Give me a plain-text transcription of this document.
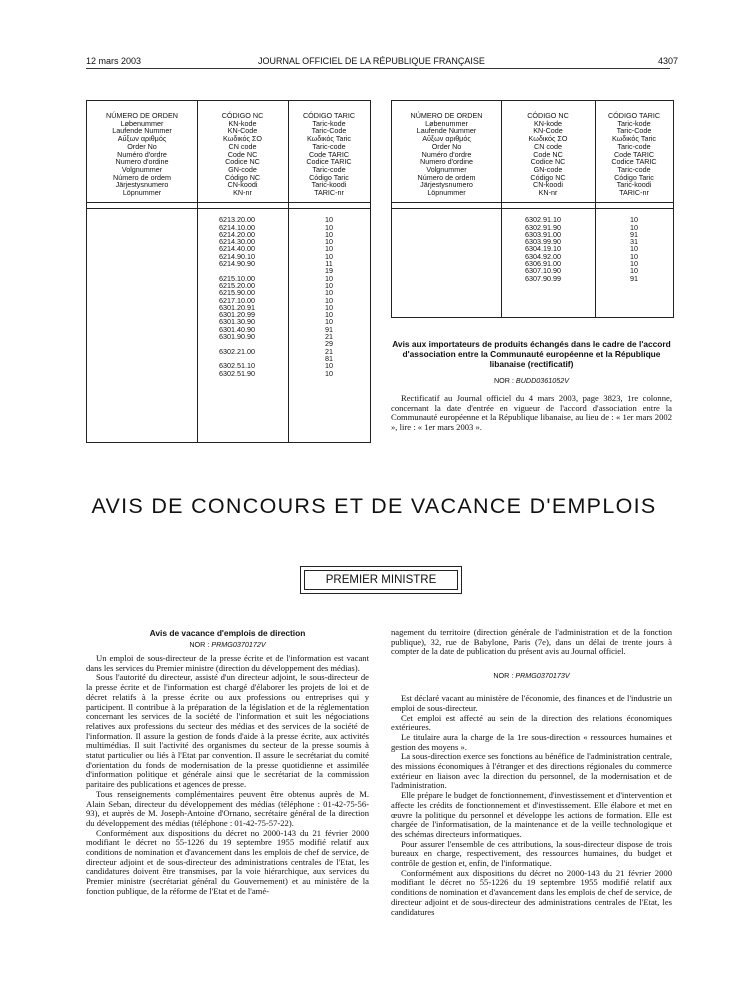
12 mars 2003	JOURNAL OFFICIEL DE LA RÉPUBLIQUE FRANÇAISE	4307
NÚMERO DE ORDEN
Løbenummer
Laufende Nummer
Αὔξων αριθμός
Order No
Numéro d'ordre
Numero d'ordine
Volgnummer
Número de ordem
Järjestysnumero
Löpnummer
CÓDIGO NC
KN-kode
KN-Code
Κωδικός ΣΟ
CN code
Code NC
Codice NC
GN-code
Código NC
CN-koodi
KN-nr
CÓDIGO TARIC
Taric-kode
Taric-Code
Κωδικός Taric
Taric-code
Code TARIC
Codice TARIC
Taric-code
Código Taric
Taric-koodi
TARIC-nr
6213.20.00
6214.10.00
6214.20.00
6214.30.00
6214.40.00
6214.90.10
6214.90.90
6215.10.00
6215.20.00
6215.90.00
6217.10.00
6301.20.91
6301.20.99
6301.30.90
6301.40.90
6301.90.90
6302.21.00
6302.51.10
6302.51.90
10
10
10
10
10
10
11
19
10
10
10
10
10
10
10
91
21
29
21
81
10
10
NÚMERO DE ORDEN
Løbenummer
Laufende Nummer
Αὔξων αριθμός
Order No
Numéro d'ordre
Numero d'ordine
Volgnummer
Número de ordem
Järjestysnumero
Löpnummer
CÓDIGO NC
KN-kode
KN-Code
Κωδικός ΣΟ
CN code
Code NC
Codice NC
GN-code
Código NC
CN-koodi
KN-nr
CÓDIGO TARIC
Taric-kode
Taric-Code
Κωδικός Taric
Taric-code
Code TARIC
Codice TARIC
Taric-code
Código Taric
Taric-koodi
TARIC-nr
6302.91.10
6302.91.90
6303.91.00
6303.99.90
6304.19.10
6304.92.00
6306.91.00
6307.10.90
6307.90.99
10
10
91
31
10
10
10
10
91
Avis aux importateurs de produits échangés dans le cadre de l'accord d'association entre la Communauté européenne et la République libanaise (rectificatif)
NOR : BUDD0361052V

Rectificatif au Journal officiel du 4 mars 2003, page 3823, 1re colonne, concernant la date d'entrée en vigueur de l'accord d'association entre la Communauté européenne et la République libanaise, au lieu de : « 1er mars 2002 », lire : « 1er mars 2003 ».

AVIS DE CONCOURS ET DE VACANCE D'EMPLOIS
PREMIER MINISTRE
Avis de vacance d'emplois de direction
NOR : PRMG0370172V

Un emploi de sous-directeur de la presse écrite et de l'information est vacant dans les services du Premier ministre (direction du développement des médias).

Sous l'autorité du directeur, assisté d'un directeur adjoint, le sous-directeur de la presse écrite et de l'information est chargé d'élaborer les projets de loi et de décret relatifs à la presse écrite ou aux professions ou entreprises qui y participent. Il contribue à la préparation de la législation et de la réglementation concernant les services de la société de l'information et suit les négociations relatives aux professions du secteur des médias et des services de la société de l'information. Il assure la gestion de fonds d'aide à la presse écrite, aux activités multimédias. Il suit l'activité des organismes du secteur de la presse soumis à statut particulier ou liés à l'Etat par convention. Il assure le secrétariat du comité d'orientation du fonds de modernisation de la presse quotidienne et assimilée d'information politique et générale ainsi que le secrétariat de la commission paritaire des publications et agences de presse.

Tous renseignements complémentaires peuvent être obtenus auprès de M. Alain Seban, directeur du développement des médias (téléphone : 01-42-75-56-93), et auprès de M. Joseph-Antoine d'Ornano, secrétaire général de la direction du développement des médias (téléphone : 01-42-75-57-22).

Conformément aux dispositions du décret no 2000-143 du 21 février 2000 modifiant le décret no 55-1226 du 19 septembre 1955 modifié relatif aux conditions de nomination et d'avancement dans les emplois de chef de service, de directeur adjoint et de sous-directeur des administrations centrales de l'Etat, les candidatures doivent être transmises, par la voie hiérarchique, aux services du Premier ministre (secrétariat général du Gouvernement) et au ministère de la fonction publique, de la réforme de l'Etat et de l'amé-

nagement du territoire (direction générale de l'administration et de la fonction publique), 32, rue de Babylone, Paris (7e), dans un délai de trente jours à compter de la date de publication du présent avis au Journal officiel.

NOR : PRMG0370173V

Est déclaré vacant au ministère de l'économie, des finances et de l'industrie un emploi de sous-directeur.

Cet emploi est affecté au sein de la direction des relations économiques extérieures.

Le titulaire aura la charge de la 1re sous-direction « ressources humaines et gestion des moyens ».

La sous-direction exerce ses fonctions au bénéfice de l'administration centrale, des missions économiques à l'étranger et des directions régionales du commerce extérieur en liaison avec la direction du personnel, de la modernisation et de l'administration.

Elle prépare le budget de fonctionnement, d'investissement et d'intervention et affecte les crédits de fonctionnement et d'investissement. Elle élabore et met en œuvre la politique du personnel et développe les actions de formation. Elle est chargée de l'informatisation, de la maintenance et de la veille technologique et des schémas directeurs informatiques.

Pour assurer l'ensemble de ces attributions, la sous-directeur dispose de trois bureaux en charge, respectivement, des ressources humaines, du budget et contrôle de gestion et, enfin, de l'informatique.

Conformément aux dispositions du décret no 2000-143 du 21 février 2000 modifiant le décret no 55-1226 du 19 septembre 1955 modifié relatif aux conditions de nomination et d'avancement dans les emplois de chef de service, de directeur adjoint et de sous-directeur des administrations centrales de l'Etat, les candidatures
